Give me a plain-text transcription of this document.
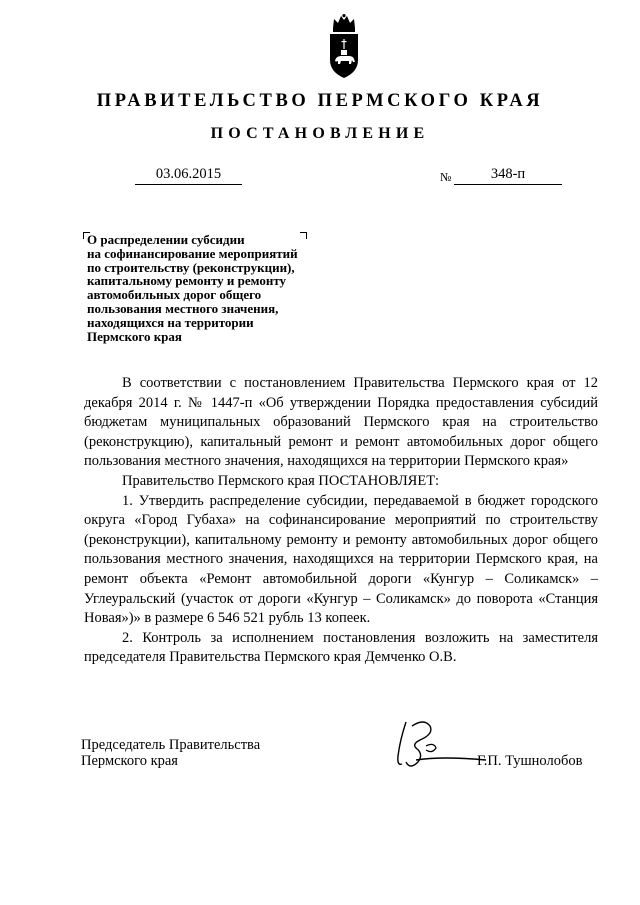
ПРАВИТЕЛЬСТВО ПЕРМСКОГО КРАЯ
ПОСТАНОВЛЕНИЕ
03.06.2015	№	348-п
О распределении субсидии
на софинансирование мероприятий
по строительству (реконструкции),
капитальному ремонту и ремонту
автомобильных дорог общего
пользования местного значения,
находящихся на территории
Пермского края

В соответствии с постановлением Правительства Пермского края от 12 декабря 2014 г. № 1447-п «Об утверждении Порядка предоставления субсидий бюджетам муниципальных образований Пермского края на строительство (реконструкцию), капитальный ремонт и ремонт автомобильных дорог общего пользования местного значения, находящихся на территории Пермского края»

Правительство Пермского края ПОСТАНОВЛЯЕТ:

1. Утвердить распределение субсидии, передаваемой в бюджет городского округа «Город Губаха» на софинансирование мероприятий по строительству (реконструкции), капитальному ремонту и ремонту автомобильных дорог общего пользования местного значения, находящихся на территории Пермского края, на ремонт объекта «Ремонт автомобильной дороги «Кунгур – Соликамск» – Углеуральский (участок от дороги «Кунгур – Соликамск» до поворота «Станция Новая»)» в размере 6 546 521 рубль 13 копеек.

2. Контроль за исполнением постановления возложить на заместителя председателя Правительства Пермского края Демченко О.В.

Председатель Правительства
Пермского края	Г.П. Тушнолобов
